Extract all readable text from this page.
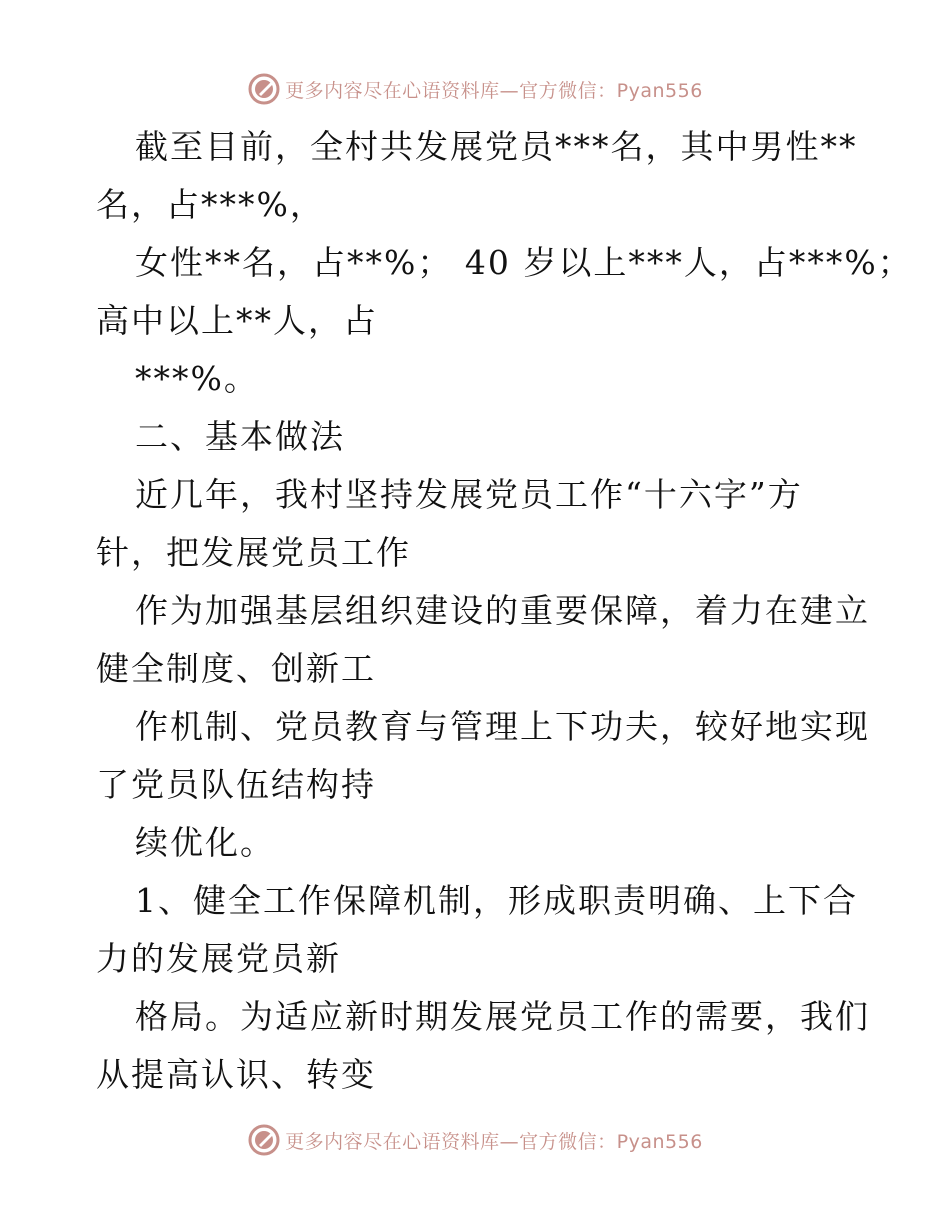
更多内容尽在心语资料库—官方微信：Pyan556
截至目前，全村共发展党员***名，其中男性**
名，占***%，
女性**名，占**%； 40 岁以上***人，占***%；
高中以上**人，占
***%。
二、基本做法
近几年，我村坚持发展党员工作“十六字”方
针，把发展党员工作
作为加强基层组织建设的重要保障，着力在建立
健全制度、创新工
作机制、党员教育与管理上下功夫，较好地实现
了党员队伍结构持
续优化。
1、健全工作保障机制，形成职责明确、上下合
力的发展党员新
格局。为适应新时期发展党员工作的需要，我们
从提高认识、转变
更多内容尽在心语资料库—官方微信：Pyan556
